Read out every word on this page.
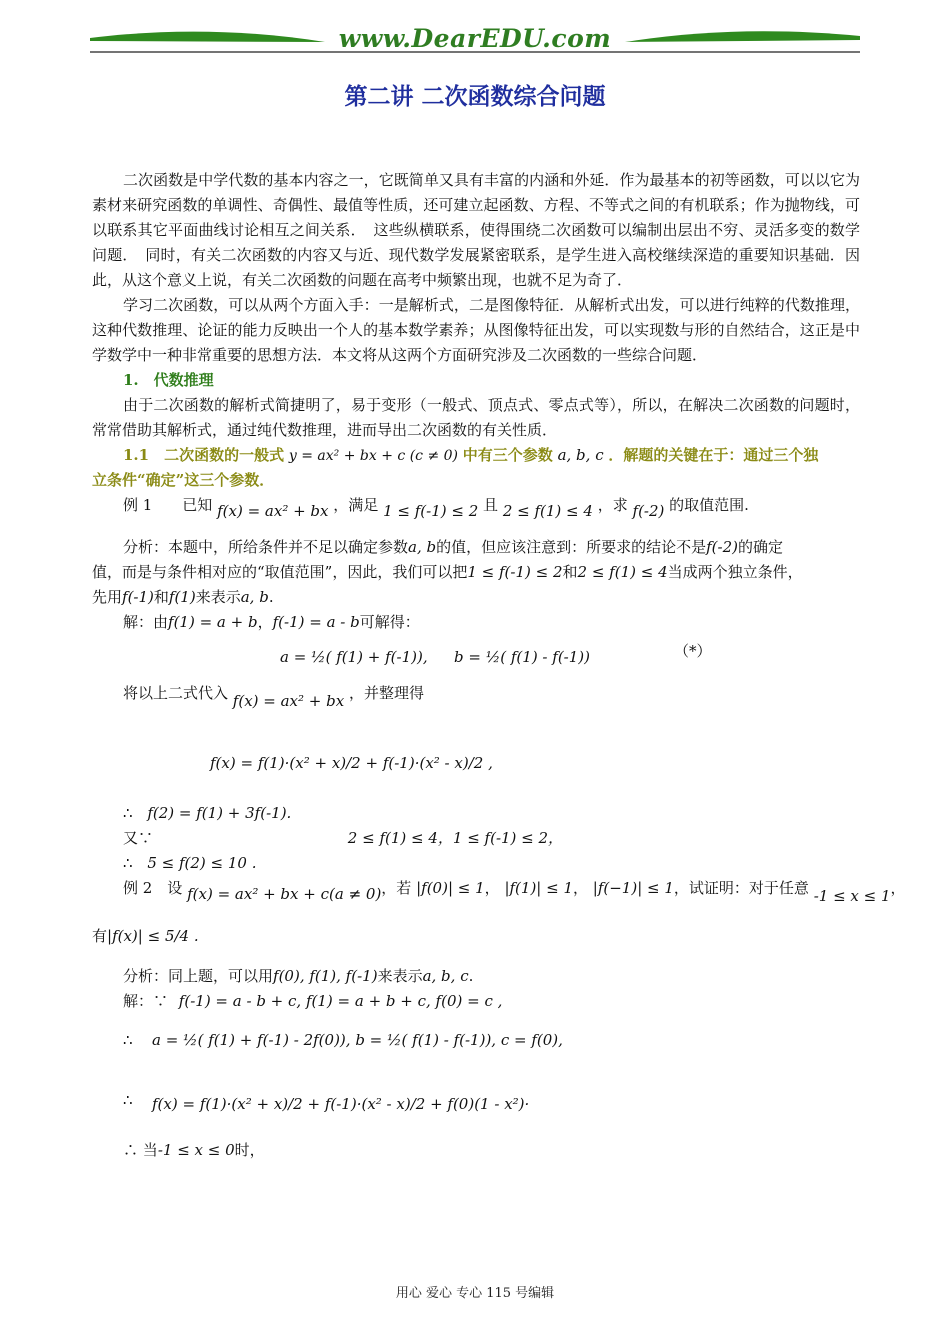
www.DearEDU.com
第二讲 二次函数综合问题
二次函数是中学代数的基本内容之一，它既简单又具有丰富的内涵和外延．作为最基本的初等函数，可以以它为素材来研究函数的单调性、奇偶性、最值等性质，还可建立起函数、方程、不等式之间的有机联系；作为抛物线，可以联系其它平面曲线讨论相互之间关系．　这些纵横联系，使得围绕二次函数可以编制出层出不穷、灵活多变的数学问题．　同时，有关二次函数的内容又与近、现代数学发展紧密联系，是学生进入高校继续深造的重要知识基础．因此，从这个意义上说，有关二次函数的问题在高考中频繁出现，也就不足为奇了．
学习二次函数，可以从两个方面入手：一是解析式，二是图像特征．从解析式出发，可以进行纯粹的代数推理，这种代数推理、论证的能力反映出一个人的基本数学素养；从图像特征出发，可以实现数与形的自然结合，这正是中学数学中一种非常重要的思想方法．本文将从这两个方面研究涉及二次函数的一些综合问题．
1.　代数推理
由于二次函数的解析式简捷明了，易于变形（一般式、顶点式、零点式等），所以，在解决二次函数的问题时，常常借助其解析式，通过纯代数推理，进而导出二次函数的有关性质．
1.1　二次函数的一般式 y = ax² + bx + c (c ≠ 0) 中有三个参数 a, b, c ．解题的关键在于：通过三个独
立条件“确定”这三个参数．
例 1　　已知 f(x) = ax² + bx ，满足 1 ≤ f(-1) ≤ 2 且 2 ≤ f(1) ≤ 4 ，求 f(-2) 的取值范围.
分析：本题中，所给条件并不足以确定参数a, b的值，但应该注意到：所要求的结论不是f(-2)的确定
值，而是与条件相对应的“取值范围”，因此，我们可以把1 ≤ f(-1) ≤ 2和2 ≤ f(1) ≤ 4当成两个独立条件，
先用f(-1)和f(1)来表示a, b.
解：由f(1) = a + b，f(-1) = a - b可解得：
a = ½( f(1) + f(-1)), b = ½( f(1) - f(-1))	（*）
将以上二式代入 f(x) = ax² + bx ，并整理得
f(x) = f(1)·(x² + x)/2 + f(-1)·(x² - x)/2 ,
∴ f(2) = f(1) + 3f(-1).
又∵	2 ≤ f(1) ≤ 4，1 ≤ f(-1) ≤ 2，
∴ 5 ≤ f(2) ≤ 10 .
例 2　设 f(x) = ax² + bx + c(a ≠ 0)，若 |f(0)| ≤ 1， |f(1)| ≤ 1， |f(−1)| ≤ 1，试证明：对于任意 -1 ≤ x ≤ 1，
有|f(x)| ≤ 5/4 .
分析：同上题，可以用f(0), f(1), f(-1)来表示a, b, c.
解：∵ f(-1) = a - b + c, f(1) = a + b + c, f(0) = c ,
∴ a = ½( f(1) + f(-1) - 2f(0)), b = ½( f(1) - f(-1)), c = f(0),
∴ f(x) = f(1)·(x² + x)/2 + f(-1)·(x² - x)/2 + f(0)(1 - x²)·
∴ 当-1 ≤ x ≤ 0时，
用心 爱心 专心 115 号编辑
